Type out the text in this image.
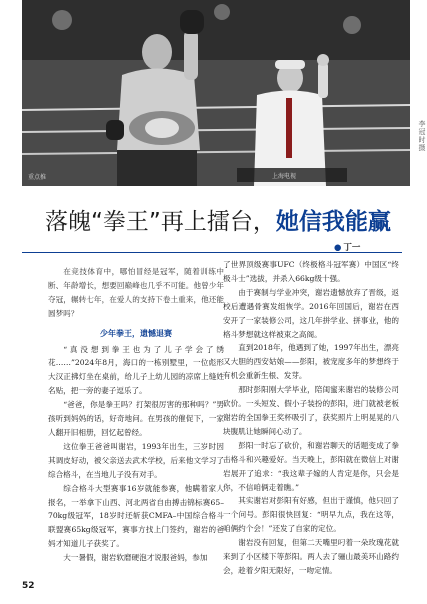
重点推	上海电视
李冠时摄
落魄“拳王”再上擂台，她信我能赢
● 丁一

在竞技体育中，哪怕冒经是冠军，随着训练中断、年龄增长，想要回巅峰也几乎不可能。他曾少年夺冠，辗转七年，在爱人的支持下卷土重来，他还能圆梦吗？

少年拳王，遗憾退赛

“真没想到拳王也为了儿子学会了绣花……”2024年8月，海口的一栋别墅里，一位彪形大汉正拂灯坐在桌前，给儿子上幼儿园的凉席上缝姓名贴，把一旁的妻子逗乐了。

“爸爸，你是拳王吗？打架很厉害的那种吗？”男孩听到妈妈的话，好奇地问。在男孩的催促下，一家人翻开旧相册，回忆起曾经。

这位拳王爸爸叫谢岩，1993年出生，三岁时因其调皮好动，被父亲送去武术学校，后来他文学习了综合格斗，在当地儿子没有对手。

综合格斗大型赛事16岁就能参赛，他瞒着家人报名，一举拿下山西、河北两省自由搏击锦标赛65–70kg级冠军，18岁时还斩获CMFA–中国综合格斗联盟赛65kg级冠军，赛事方找上门签约，谢岩的爸妈才知道儿子获奖了。

大一暑假，谢岩软磨硬泡才说服爸妈，参加

了世界顶级赛事UFC（终极格斗冠军赛）中国区“终极斗士”选拔，并杀入66kg级十强。

由于赛制与学业冲突，谢岩遗憾放弃了晋级，返校后遭遇骨赛发组恢学。2016年回国后，谢岩在西安开了一家装修公司，这几年拼学业、拼事业，他的格斗梦想就这样被束之高阁。

直到2018年，他遇到了她，1997年出生，漂亮又大胆的西安姑娘——彭阳，被宠度多年的梦想终于有机会重新生根、发芽。

那时彭阳刚大学毕业，陪闺蜜来谢岩的装修公司砍价。一头短发、假小子装扮的彭阳，进门就被老板谢岩的全国拳王奖杯吸引了，获奖照片上明晃晃的八块腹肌让她瞬间心动了。

彭阳一时忘了砍价，和谢岩聊天的话题变成了拳击格斗和兴趣爱好。当天晚上，彭阳就在微信上对谢岩展开了追求：“我这辈子嫁的人肯定是你，只会是你，不信咱俩走着瞧。”

其实谢岩对彭阳有好感，但出于谨慎，他只回了一个问号。彭阳很快回复：“明早九点，我在这等，咱俩约个会！”还发了自家的定位。

谢岩没有回复，但第二天嘴里叼着一朵玫瑰花就来到了小区楼下等彭阳。两人去了骊山最美环山路约会，趁着夕阳无限好，一吻定情。

52
